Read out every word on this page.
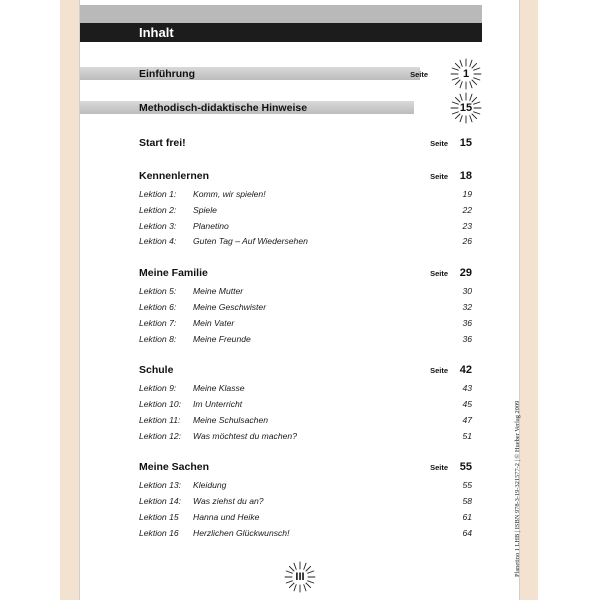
Inhalt
Einführung	Seite	1
Methodisch-didaktische Hinweise	15
Start frei!	Seite	15
Kennenlernen	Seite	18
Lektion 1: Komm, wir spielen!	19
Lektion 2: Spiele	22
Lektion 3: Planetino	23
Lektion 4: Guten Tag – Auf Wiedersehen	26
Meine Familie	Seite	29
Lektion 5: Meine Mutter	30
Lektion 6: Meine Geschwister	32
Lektion 7: Mein Vater	36
Lektion 8: Meine Freunde	36
Schule	Seite	42
Lektion 9: Meine Klasse	43
Lektion 10: Im Unterricht	45
Lektion 11: Meine Schulsachen	47
Lektion 12: Was möchtest du machen?	51
Meine Sachen	Seite	55
Lektion 13: Kleidung	55
Lektion 14: Was ziehst du an?	58
Lektion 15 Hanna und Heike	61
Lektion 16 Herzlichen Glückwunsch!	64
III	Planetino 1 LHB | ISBN 978-3-19-321577-2 | © Hueber Verlag 2009
